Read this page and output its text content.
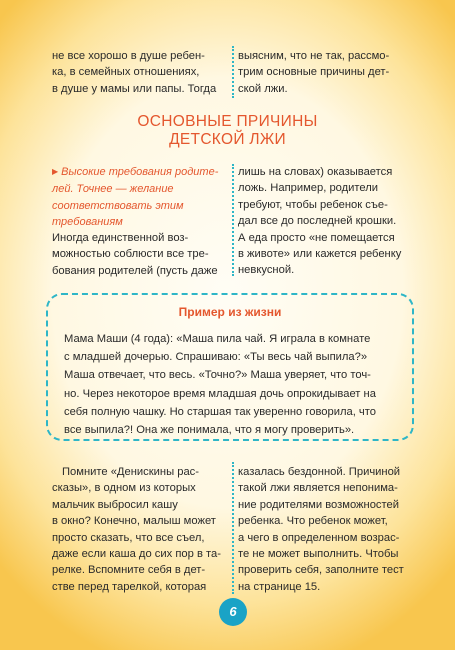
не все хорошо в душе ребен-
ка, в семейных отношениях,
в душе у мамы или папы. Тогда
выясним, что не так, рассмо-
трим основные причины дет-
ской лжи.
ОСНОВНЫЕ ПРИЧИНЫ
ДЕТСКОЙ ЛЖИ
▶ Высокие требования родите-
лей. Точнее — желание
соответствовать этим
требованиям
Иногда единственной воз-
можностью соблюсти все тре-
бования родителей (пусть даже
лишь на словах) оказывается
ложь. Например, родители
требуют, чтобы ребенок съе-
дал все до последней крошки.
А еда просто «не помещается
в животе» или кажется ребенку
невкусной.
Пример из жизни
Мама Маши (4 года): «Маша пила чай. Я играла в комнате
с младшей дочерью. Спрашиваю: «Ты весь чай выпила?»
Маша отвечает, что весь. «Точно?» Маша уверяет, что точ-
но. Через некоторое время младшая дочь опрокидывает на
себя полную чашку. Но старшая так уверенно говорила, что
все выпила?! Она же понимала, что я могу проверить».
Помните «Денискины рас-
сказы», в одном из которых
мальчик выбросил кашу
в окно? Конечно, малыш может
просто сказать, что все съел,
даже если каша до сих пор в та-
релке. Вспомните себя в дет-
стве перед тарелкой, которая
казалась бездонной. Причиной
такой лжи является непонима-
ние родителями возможностей
ребенка. Что ребенок может,
а чего в определенном возрас-
те не может выполнить. Чтобы
проверить себя, заполните тест
на странице 15.
6
